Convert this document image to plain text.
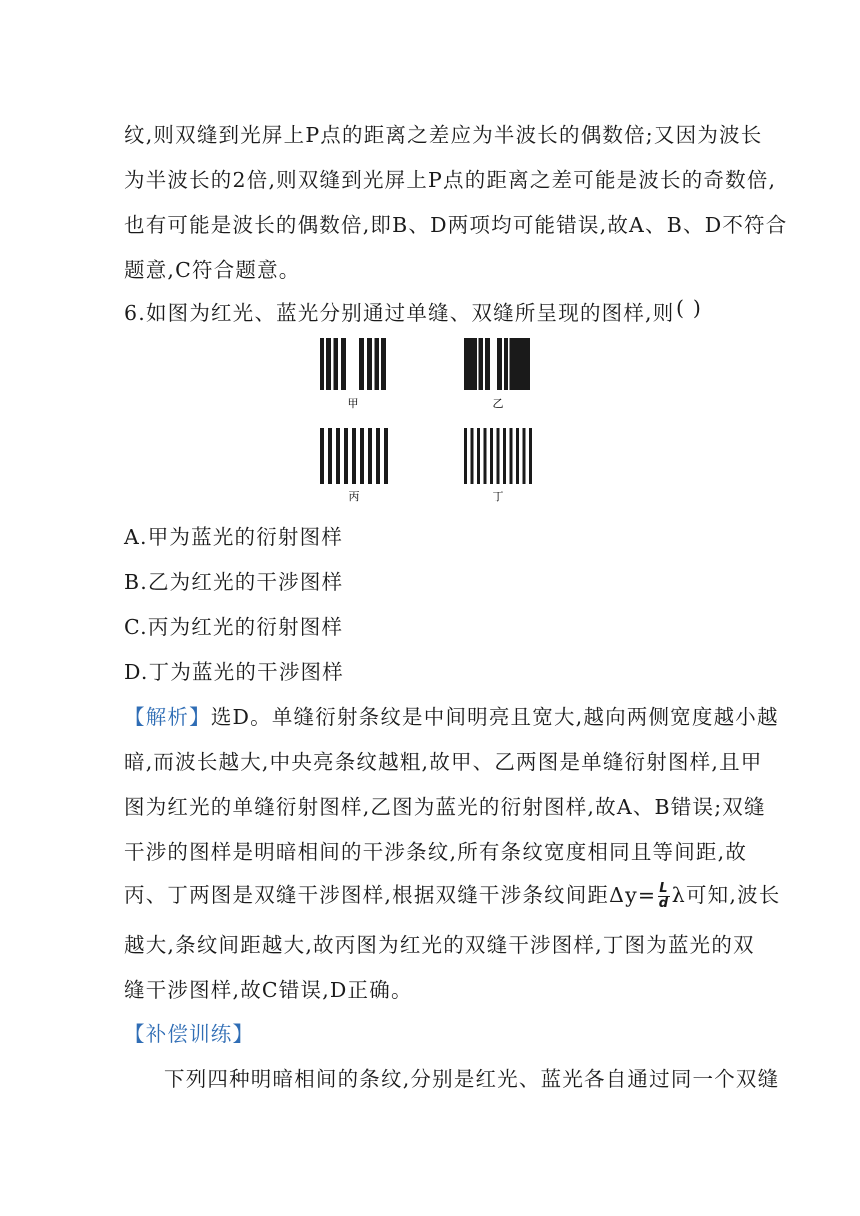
纹,则双缝到光屏上P点的距离之差应为半波长的偶数倍;又因为波长
为半波长的2倍,则双缝到光屏上P点的距离之差可能是波长的奇数倍,
也有可能是波长的偶数倍,即B、D两项均可能错误,故A、B、D不符合
题意,C符合题意。
6.如图为红光、蓝光分别通过单缝、双缝所呈现的图样,则 ( )
甲	乙
丙	丁
A.甲为蓝光的衍射图样
B.乙为红光的干涉图样
C.丙为红光的衍射图样
D.丁为蓝光的干涉图样
【解析】选D。单缝衍射条纹是中间明亮且宽大,越向两侧宽度越小越
暗,而波长越大,中央亮条纹越粗,故甲、乙两图是单缝衍射图样,且甲
图为红光的单缝衍射图样,乙图为蓝光的衍射图样,故A、B错误;双缝
干涉的图样是明暗相间的干涉条纹,所有条纹宽度相同且等间距,故
丙、丁两图是双缝干涉图样,根据双缝干涉条纹间距$\Delta y= \frac{L}{d}$ λ可知,波长
越大,条纹间距越大,故丙图为红光的双缝干涉图样,丁图为蓝光的双
缝干涉图样,故C错误,D正确。
【补偿训练】
下列四种明暗相间的条纹,分别是红光、蓝光各自通过同一个双缝
